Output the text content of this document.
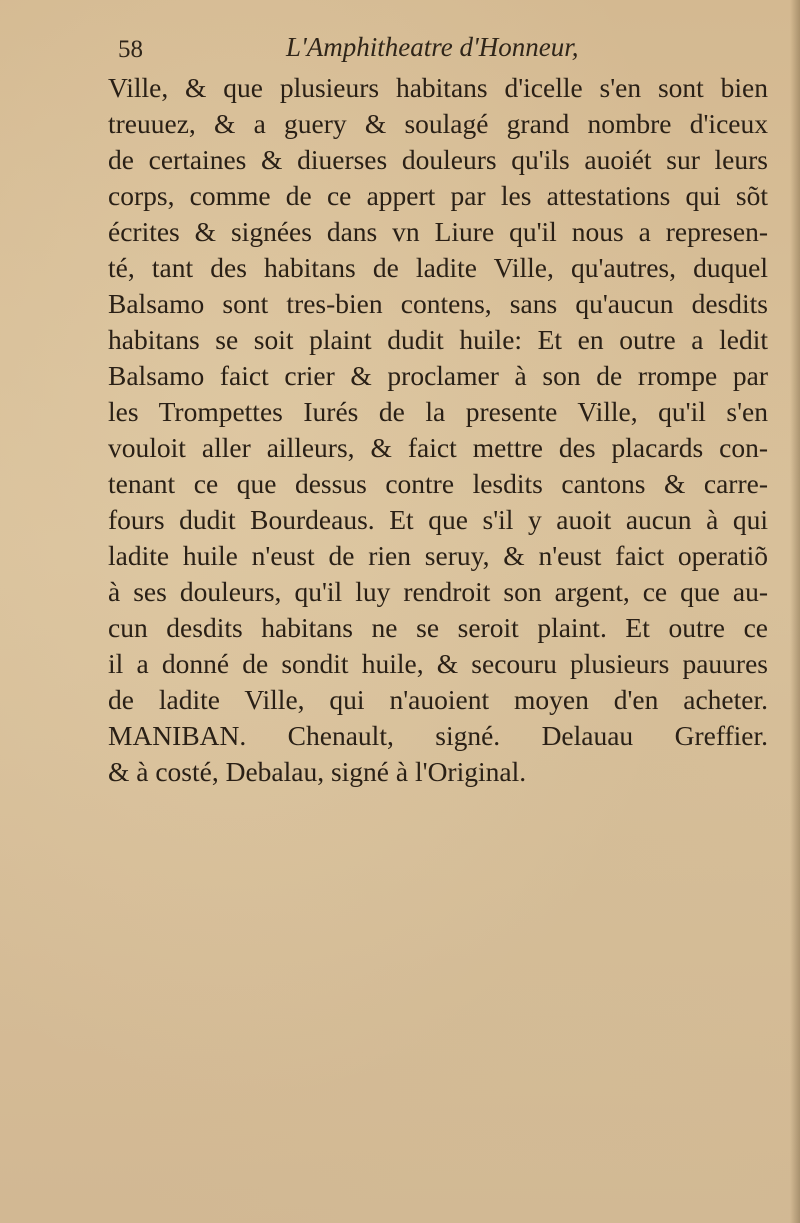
58	L'Amphitheatre d'Honneur,
Ville, & que plusieurs habitans d'icelle s'en sont bien
treuuez, & a guery & soulagé grand nombre d'iceux
de certaines & diuerses douleurs qu'ils auoiét sur leurs
corps, comme de ce appert par les attestations qui sõt
écrites & signées dans vn Liure qu'il nous a represen-
té, tant des habitans de ladite Ville, qu'autres, duquel
Balsamo sont tres-bien contens, sans qu'aucun desdits
habitans se soit plaint dudit huile: Et en outre a ledit
Balsamo faict crier & proclamer à son de rrompe par
les Trompettes Iurés de la presente Ville, qu'il s'en
vouloit aller ailleurs, & faict mettre des placards con-
tenant ce que dessus contre lesdits cantons & carre-
fours dudit Bourdeaus. Et que s'il y auoit aucun à qui
ladite huile n'eust de rien seruy, & n'eust faict operatiõ
à ses douleurs, qu'il luy rendroit son argent, ce que au-
cun desdits habitans ne se seroit plaint. Et outre ce
il a donné de sondit huile, & secouru plusieurs pauures
de ladite Ville, qui n'auoient moyen d'en acheter.
MANIBAN. Chenault, signé. Delauau Greffier.
& à costé, Debalau, signé à l'Original.
